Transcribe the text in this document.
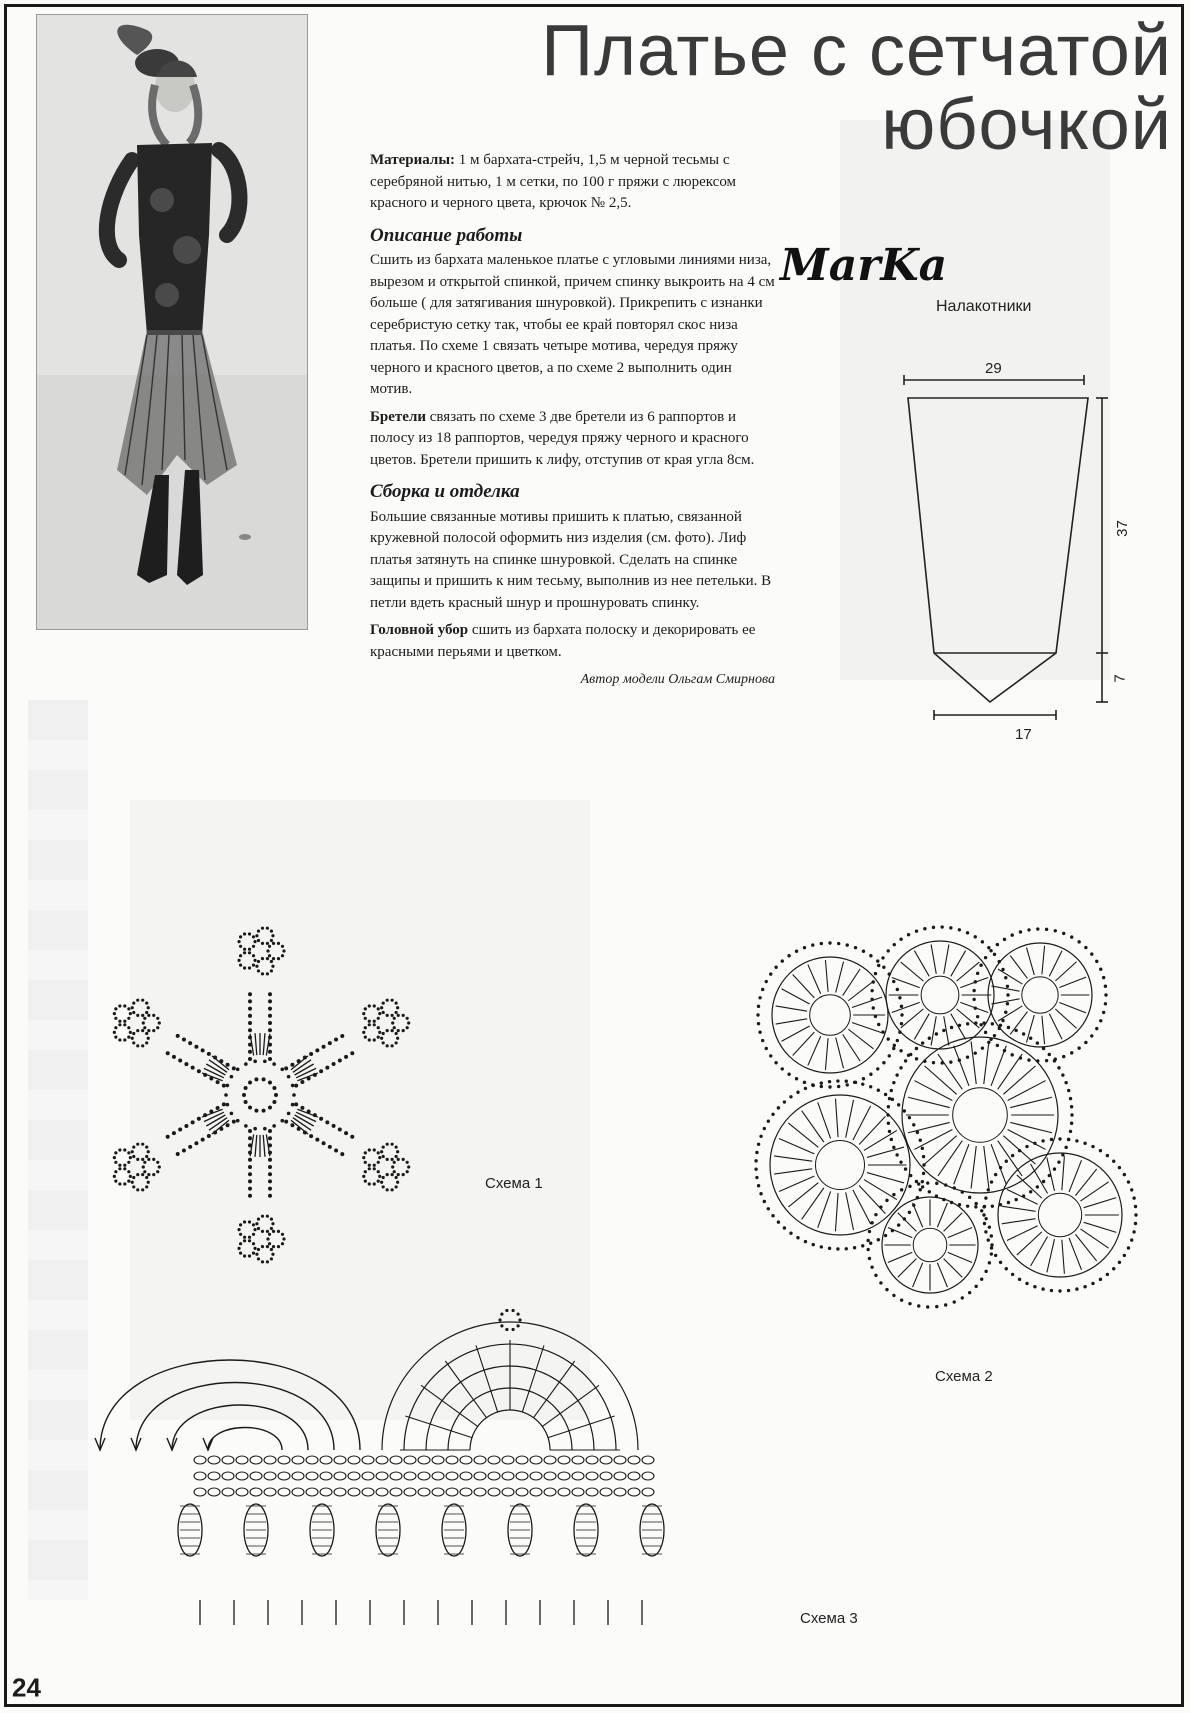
Платье с сетчатой
юбочкой

Материалы: 1 м бархата-стрейч, 1,5 м черной тесьмы с серебряной нитью, 1 м сетки, по 100 г пряжи с люрексом красного и черного цвета, крючок № 2,5.

Описание работы

Сшить из бархата маленькое платье с угловыми линиями низа, вырезом и открытой спинкой, причем спинку выкроить на 4 см больше ( для затягивания шнуровкой). Прикрепить с изнанки серебристую сетку так, чтобы ее край повторял скос низа платья. По схеме 1 связать четыре мотива, чередуя пряжу черного и красного цветов, а по схеме 2 выполнить один мотив.

Бретели связать по схеме 3 две бретели из 6 раппортов и полосу из 18 раппортов, чередуя пряжу черного и красного цветов. Бретели пришить к лифу, отступив от края угла 8см.

Сборка и отделка

Большие связанные мотивы пришить к платью, связанной кружевной полосой оформить низ изделия (см. фото). Лиф платья затянуть на спинке шнуровкой. Сделать на спинке защипы и пришить к ним тесьму, выполнив из нее петельки. В петли вдеть красный шнур и прошнуровать спинку.

Головной убор сшить из бархата полоску и декорировать ее красными перьями и цветком.

Автор модели Ольгам Смирнова
MarKa
Налакотники
29
37
7
17
Схема 1
Схема 2
Схема 3
24
